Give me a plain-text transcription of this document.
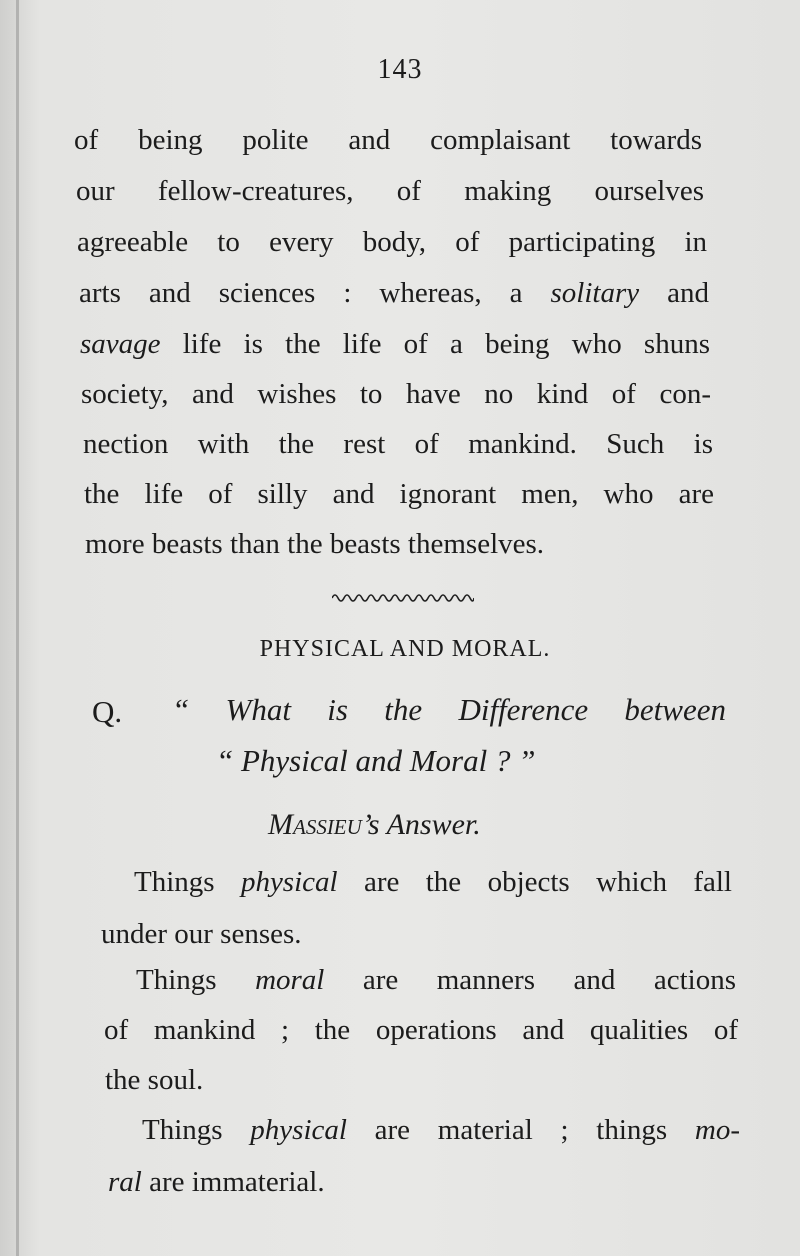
143
of being polite and complaisant towards
our fellow-creatures, of making ourselves
agreeable to every body, of participating in
arts and sciences : whereas, a solitary and
savage life is the life of a being who shuns
society, and wishes to have no kind of con-
nection with the rest of mankind. Such is
the life of silly and ignorant men, who are
more beasts than the beasts themselves.
PHYSICAL AND MORAL.
Q. “ What is the Difference between
“ Physical and Moral ? ”
Massieu’s Answer.
Things physical are the objects which fall
under our senses.
Things moral are manners and actions
of mankind ; the operations and qualities of
the soul.
Things physical are material ; things mo-
ral are immaterial.
